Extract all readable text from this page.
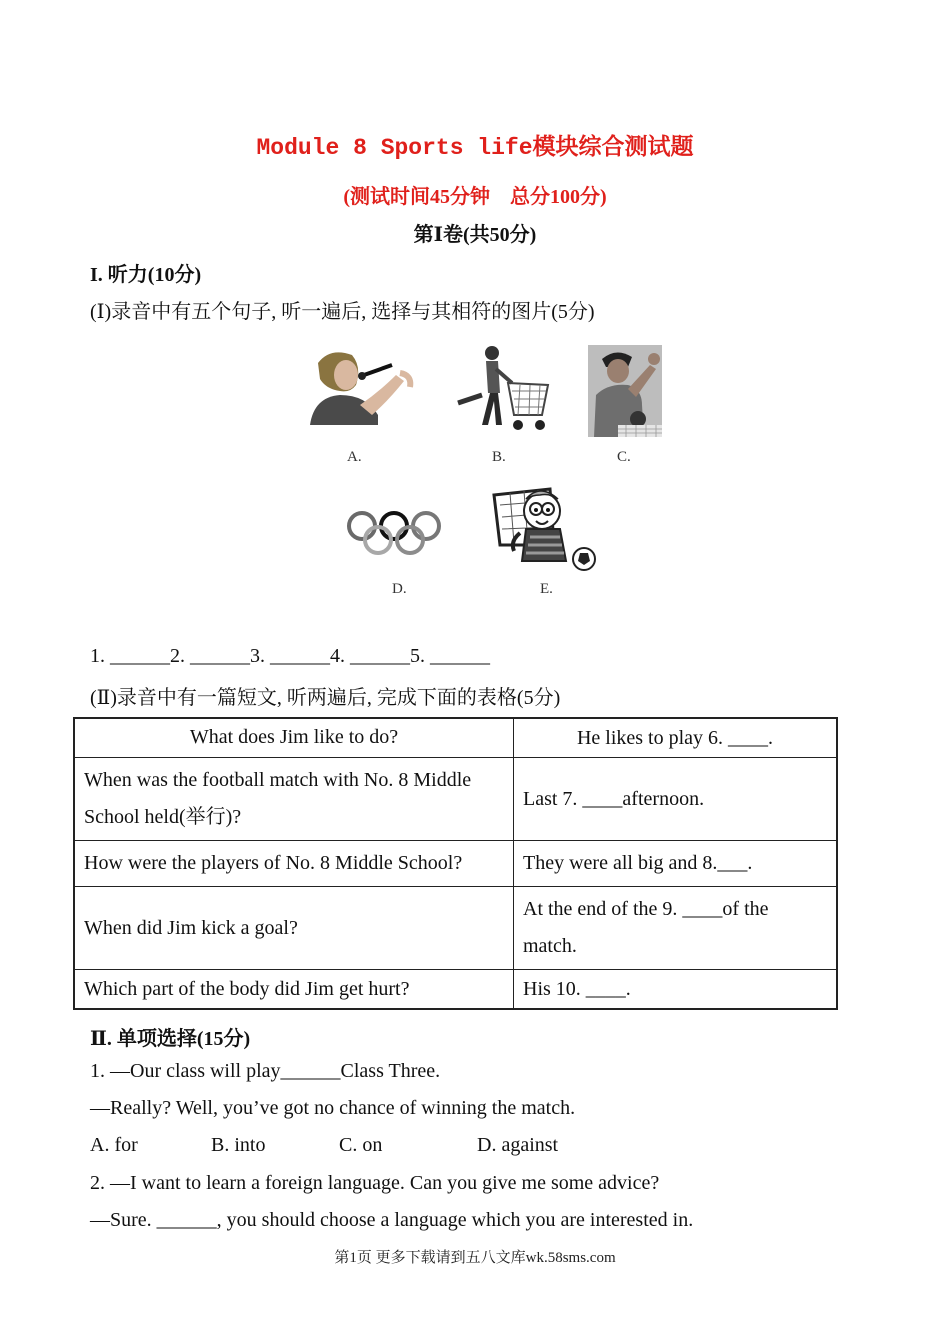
Module 8 Sports life模块综合测试题
(测试时间45分钟　总分100分)
第Ⅰ卷(共50分)
I. 听力(10分)
(Ⅰ)录音中有五个句子, 听一遍后, 选择与其相符的图片(5分)
A.	B.	C.
D.	E.
1. ______2. ______3. ______4. ______5. ______
(Ⅱ)录音中有一篇短文, 听两遍后, 完成下面的表格(5分)
What does Jim like to do?	He likes to play 6. ____.
When was the football match with No. 8 Middle School held(举行)?	Last 7. ____afternoon.
How were the players of No. 8 Middle School?	They were all big and 8.___.
When did Jim kick a goal?	At the end of the 9. ____of the match.
Which part of the body did Jim get hurt?	His 10. ____.
Ⅱ. 单项选择(15分)
1. —Our class will play______Class Three.
—Really? Well, you’ve got no chance of winning the match.
A. for	B. into	C. on	D. against
2. —I want to learn a foreign language. Can you give me some advice?
—Sure. ______, you should choose a language which you are interested in.
第1页 更多下载请到五八文库wk.58sms.com
